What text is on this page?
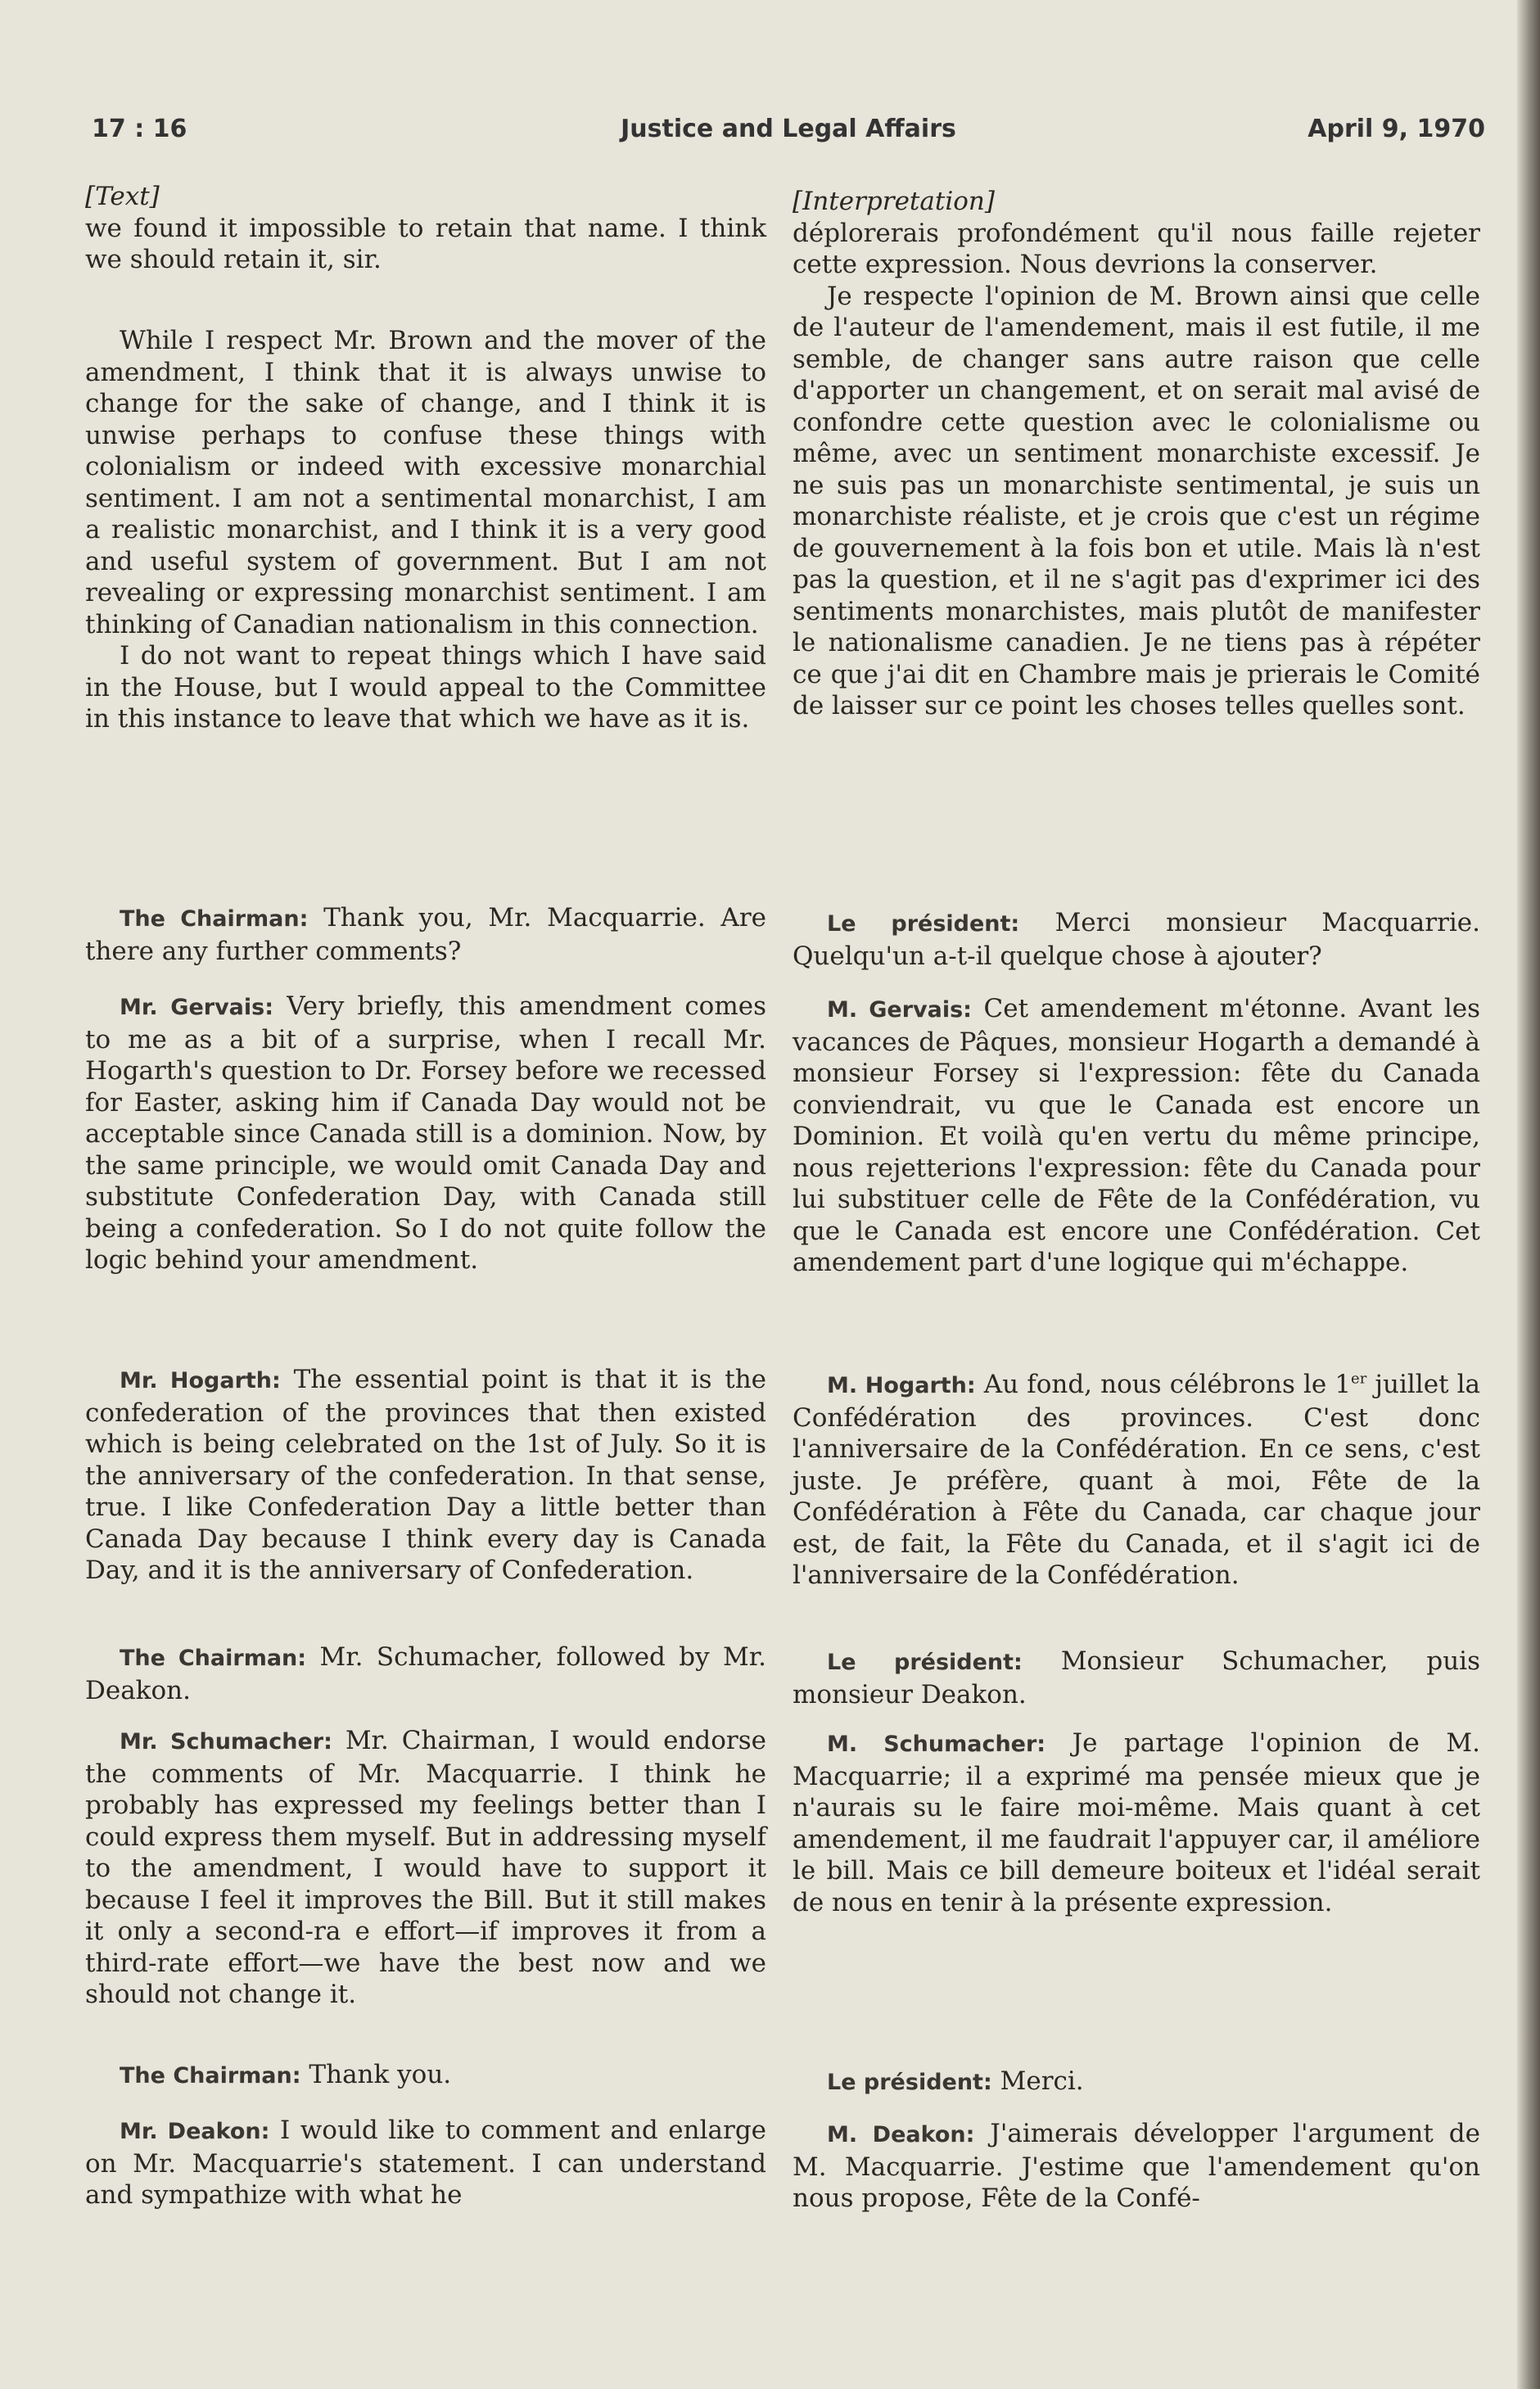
17 : 16	Justice and Legal Affairs	April 9, 1970
[Text]

we found it impossible to retain that name. I think we should retain it, sir.

While I respect Mr. Brown and the mover of the amendment, I think that it is always unwise to change for the sake of change, and I think it is unwise perhaps to confuse these things with colonialism or indeed with excessive monarchial sentiment. I am not a sentimental monarchist, I am a realistic monarchist, and I think it is a very good and useful system of government. But I am not revealing or expressing monarchist sentiment. I am thinking of Canadian nationalism in this connection.

I do not want to repeat things which I have said in the House, but I would appeal to the Committee in this instance to leave that which we have as it is.

The Chairman: Thank you, Mr. Macquarrie. Are there any further comments?

Mr. Gervais: Very briefly, this amendment comes to me as a bit of a surprise, when I recall Mr. Hogarth's question to Dr. Forsey before we recessed for Easter, asking him if Canada Day would not be acceptable since Canada still is a dominion. Now, by the same principle, we would omit Canada Day and substitute Confederation Day, with Canada still being a confederation. So I do not quite follow the logic behind your amendment.

Mr. Hogarth: The essential point is that it is the confederation of the provinces that then existed which is being celebrated on the 1st of July. So it is the anniversary of the confederation. In that sense, true. I like Confederation Day a little better than Canada Day because I think every day is Canada Day, and it is the anniversary of Confederation.

The Chairman: Mr. Schumacher, followed by Mr. Deakon.

Mr. Schumacher: Mr. Chairman, I would endorse the comments of Mr. Macquarrie. I think he probably has expressed my feelings better than I could express them myself. But in addressing myself to the amendment, I would have to support it because I feel it improves the Bill. But it still makes it only a second-ra e effort—if improves it from a third-rate effort—we have the best now and we should not change it.

The Chairman: Thank you.

Mr. Deakon: I would like to comment and enlarge on Mr. Macquarrie's statement. I can understand and sympathize with what he

[Interpretation]

déplorerais profondément qu'il nous faille rejeter cette expression. Nous devrions la conserver.

Je respecte l'opinion de M. Brown ainsi que celle de l'auteur de l'amendement, mais il est futile, il me semble, de changer sans autre raison que celle d'apporter un changement, et on serait mal avisé de confondre cette question avec le colonialisme ou même, avec un sentiment monarchiste excessif. Je ne suis pas un monarchiste sentimental, je suis un monarchiste réaliste, et je crois que c'est un régime de gouvernement à la fois bon et utile. Mais là n'est pas la question, et il ne s'agit pas d'exprimer ici des sentiments monarchistes, mais plutôt de manifester le nationalisme canadien. Je ne tiens pas à répéter ce que j'ai dit en Chambre mais je prierais le Comité de laisser sur ce point les choses telles quelles sont.

Le président: Merci monsieur Macquarrie. Quelqu'un a-t-il quelque chose à ajouter?

M. Gervais: Cet amendement m'étonne. Avant les vacances de Pâques, monsieur Hogarth a demandé à monsieur Forsey si l'expression: fête du Canada conviendrait, vu que le Canada est encore un Dominion. Et voilà qu'en vertu du même principe, nous rejetterions l'expression: fête du Canada pour lui substituer celle de Fête de la Confédération, vu que le Canada est encore une Confédération. Cet amendement part d'une logique qui m'échappe.

M. Hogarth: Au fond, nous célébrons le 1er juillet la Confédération des provinces. C'est donc l'anniversaire de la Confédération. En ce sens, c'est juste. Je préfère, quant à moi, Fête de la Confédération à Fête du Canada, car chaque jour est, de fait, la Fête du Canada, et il s'agit ici de l'anniversaire de la Confédération.

Le président: Monsieur Schumacher, puis monsieur Deakon.

M. Schumacher: Je partage l'opinion de M. Macquarrie; il a exprimé ma pensée mieux que je n'aurais su le faire moi-même. Mais quant à cet amendement, il me faudrait l'appuyer car, il améliore le bill. Mais ce bill demeure boiteux et l'idéal serait de nous en tenir à la présente expression.

Le président: Merci.

M. Deakon: J'aimerais développer l'argument de M. Macquarrie. J'estime que l'amendement qu'on nous propose, Fête de la Confé-
